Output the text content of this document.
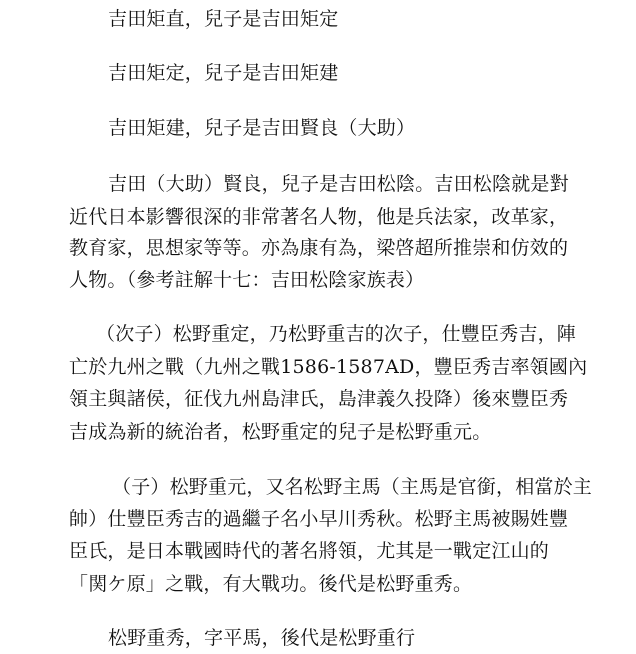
吉田矩直，兒子是吉田矩定
吉田矩定，兒子是吉田矩建
吉田矩建，兒子是吉田賢良（大助）
吉田（大助）賢良，兒子是吉田松陰。吉田松陰就是對
近代日本影響很深的非常著名人物，他是兵法家，改革家，
教育家，思想家等等。亦為康有為，梁啓超所推崇和仿效的
人物。（參考註解十七：吉田松陰家族表）
（次子）松野重定，乃松野重吉的次子，仕豐臣秀吉，陣
亡於九州之戰（九州之戰1586-1587AD，豐臣秀吉率領國內
領主與諸侯，征伐九州島津氏，島津義久投降）後來豐臣秀
吉成為新的統治者，松野重定的兒子是松野重元。
（子）松野重元，又名松野主馬（主馬是官銜，相當於主
帥）仕豐臣秀吉的過繼子名小早川秀秋。松野主馬被賜姓豐
臣氏，是日本戰國時代的著名將領，尤其是一戰定江山的
「関ケ原」之戰，有大戰功。後代是松野重秀。
松野重秀，字平馬，後代是松野重行
